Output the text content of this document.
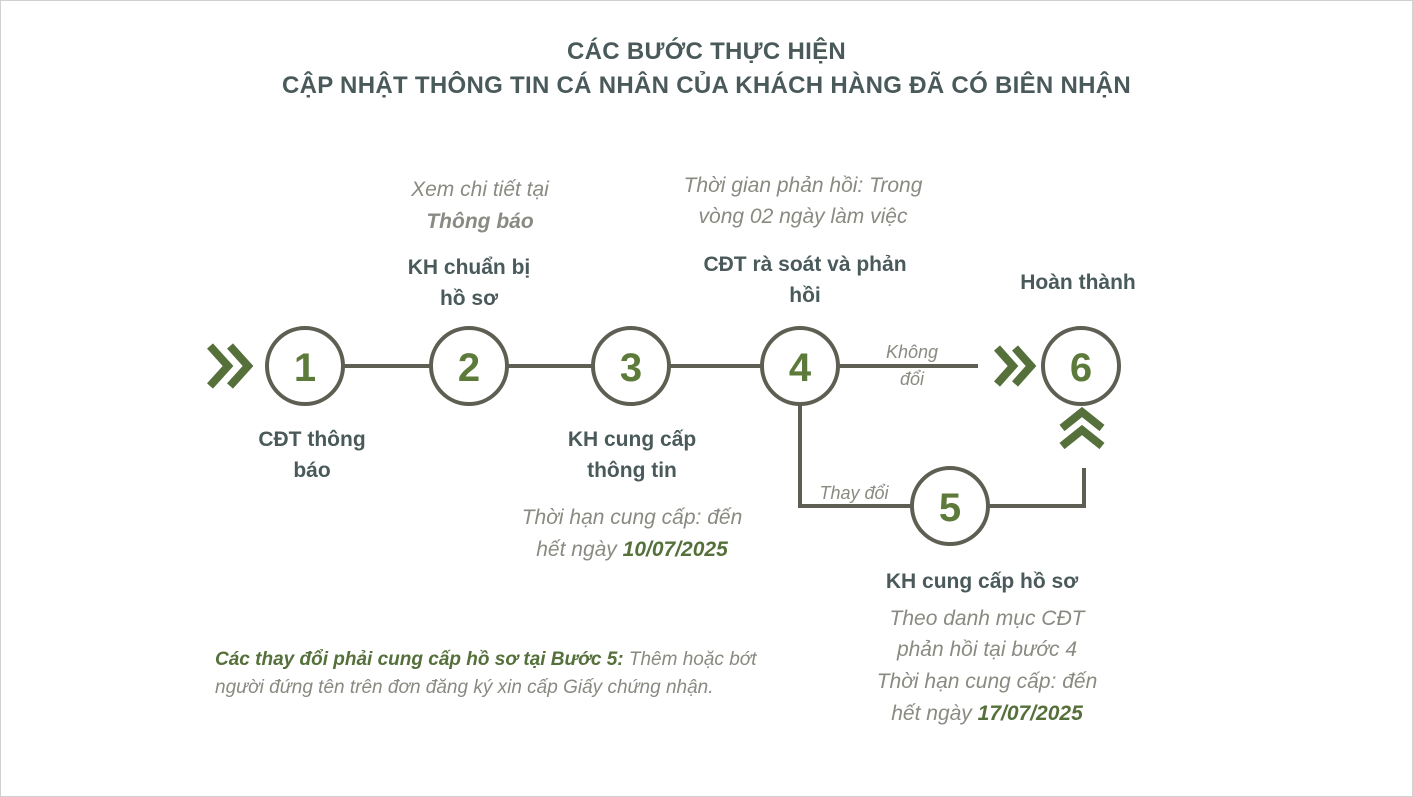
CÁC BƯỚC THỰC HIỆN
CẬP NHẬT THÔNG TIN CÁ NHÂN CỦA KHÁCH HÀNG ĐÃ CÓ BIÊN NHẬN
1	2	3	4
5
6
CĐT thông
báo
KH chuẩn bị
hồ sơ
KH cung cấp
thông tin
CĐT rà soát và phản
hồi
KH cung cấp hồ sơ
Hoàn thành
Xem chi tiết tại
Thông báo
Thời hạn cung cấp: đến
hết ngày 10/07/2025
Thời gian phản hồi: Trong
vòng 02 ngày làm việc
Theo danh mục CĐT
phản hồi tại bước 4
Thời hạn cung cấp: đến
hết ngày 17/07/2025
Không
đổi
Thay đổi
Các thay đổi phải cung cấp hồ sơ tại Bước 5: Thêm hoặc bớt người đứng tên trên đơn đăng ký xin cấp Giấy chứng nhận.
